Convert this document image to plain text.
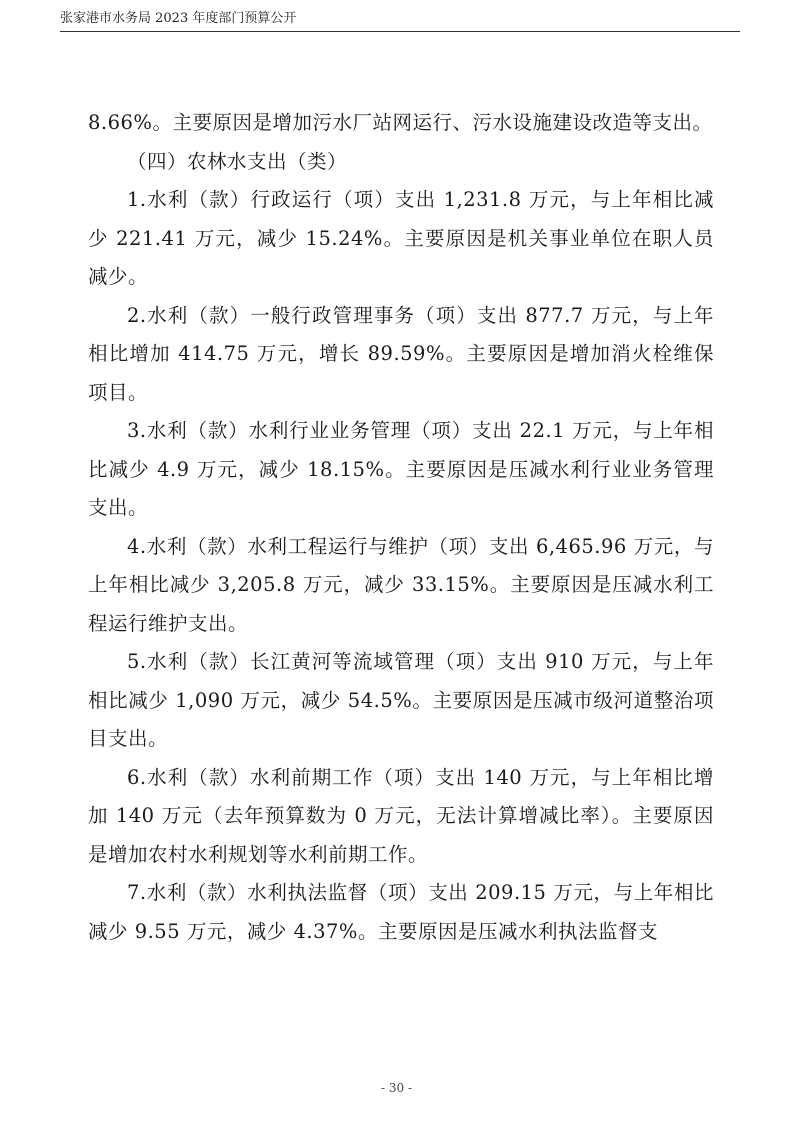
张家港市水务局 2023 年度部门预算公开

8.66%。主要原因是增加污水厂站网运行、污水设施建设改造等支出。

（四）农林水支出（类）

1.水利（款）行政运行（项）支出 1,231.8 万元，与上年相比减少 221.41 万元，减少 15.24%。主要原因是机关事业单位在职人员减少。

2.水利（款）一般行政管理事务（项）支出 877.7 万元，与上年相比增加 414.75 万元，增长 89.59%。主要原因是增加消火栓维保项目。

3.水利（款）水利行业业务管理（项）支出 22.1 万元，与上年相比减少 4.9 万元，减少 18.15%。主要原因是压减水利行业业务管理支出。

4.水利（款）水利工程运行与维护（项）支出 6,465.96 万元，与上年相比减少 3,205.8 万元，减少 33.15%。主要原因是压减水利工程运行维护支出。

5.水利（款）长江黄河等流域管理（项）支出 910 万元，与上年相比减少 1,090 万元，减少 54.5%。主要原因是压减市级河道整治项目支出。

6.水利（款）水利前期工作（项）支出 140 万元，与上年相比增加 140 万元（去年预算数为 0 万元，无法计算增减比率）。主要原因是增加农村水利规划等水利前期工作。

7.水利（款）水利执法监督（项）支出 209.15 万元，与上年相比减少 9.55 万元，减少 4.37%。主要原因是压减水利执法监督支

- 30 -
